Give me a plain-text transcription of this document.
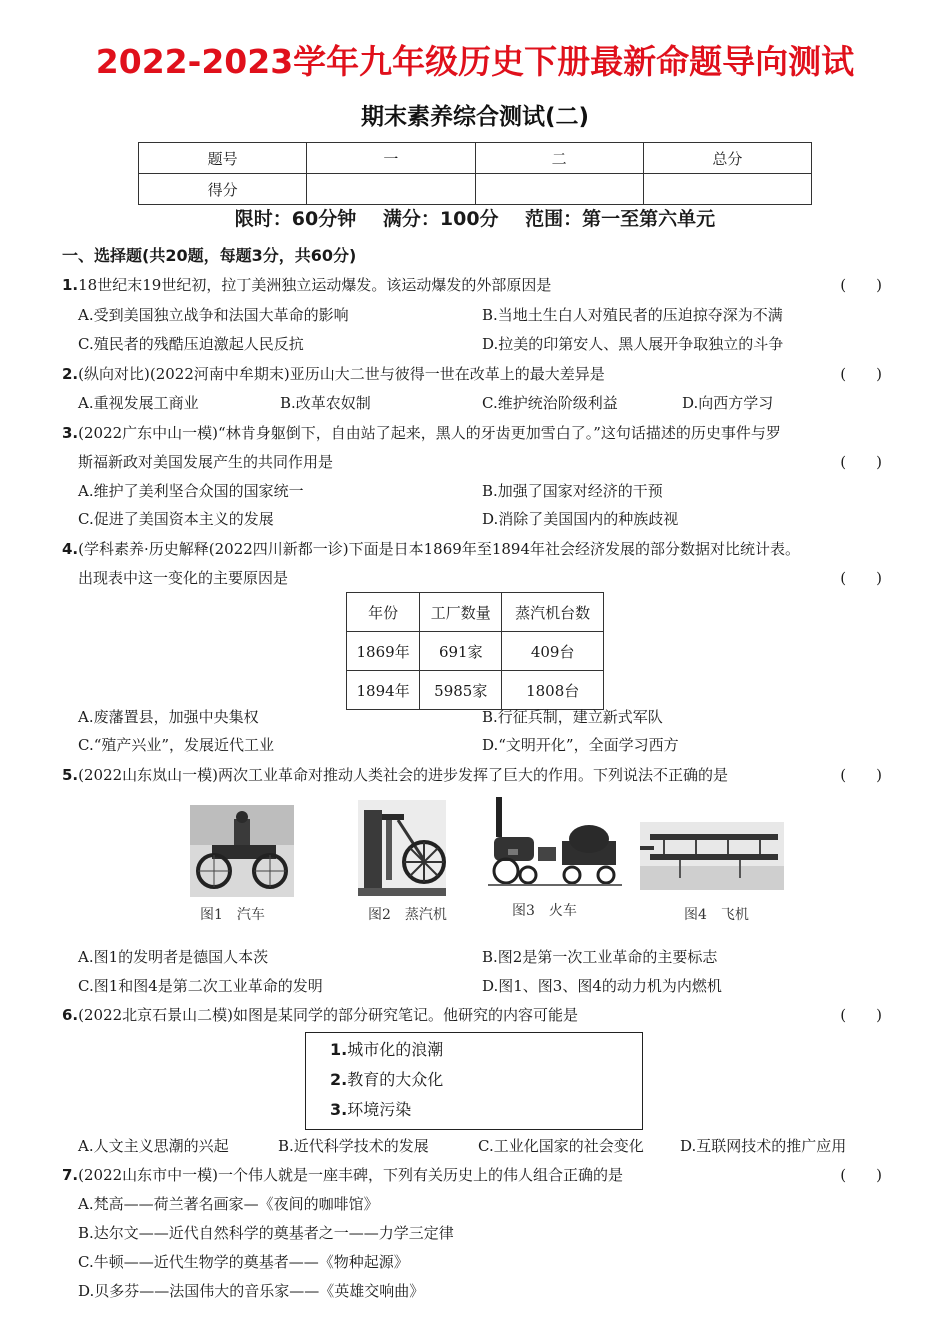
2022-2023学年九年级历史下册最新命题导向测试
期末素养综合测试(二)
题号	一	二	总分
得分			
限时：60分钟 满分：100分 范围：第一至第六单元
一、选择题(共20题，每题3分，共60分)
1.18世纪末19世纪初，拉丁美洲独立运动爆发。该运动爆发的外部原因是	(　　)
A.受到美国独立战争和法国大革命的影响	B.当地土生白人对殖民者的压迫掠夺深为不满
C.殖民者的残酷压迫激起人民反抗	D.拉美的印第安人、黑人展开争取独立的斗争
2.(纵向对比)(2022河南中牟期末)亚历山大二世与彼得一世在改革上的最大差异是	(　　)
A.重视发展工商业	B.改革农奴制	C.维护统治阶级利益	D.向西方学习
3.(2022广东中山一模)“林肯身躯倒下，自由站了起来，黑人的牙齿更加雪白了。”这句话描述的历史事件与罗
斯福新政对美国发展产生的共同作用是	(　　)
A.维护了美利坚合众国的国家统一	B.加强了国家对经济的干预
C.促进了美国资本主义的发展	D.消除了美国国内的种族歧视
4.(学科素养·历史解释(2022四川新都一诊)下面是日本1869年至1894年社会经济发展的部分数据对比统计表。
出现表中这一变化的主要原因是	(　　)
年份	工厂数量	蒸汽机台数
1869年	691家	409台
1894年	5985家	1808台
A.废藩置县，加强中央集权	B.行征兵制，建立新式军队
C.“殖产兴业”，发展近代工业	D.“文明开化”，全面学习西方
5.(2022山东岚山一模)两次工业革命对推动人类社会的进步发挥了巨大的作用。下列说法不正确的是	(　　)
图1　汽车	图2　蒸汽机	图3　火车	图4　飞机
A.图1的发明者是德国人本茨	B.图2是第一次工业革命的主要标志
C.图1和图4是第二次工业革命的发明	D.图1、图3、图4的动力机为内燃机
6.(2022北京石景山二模)如图是某同学的部分研究笔记。他研究的内容可能是	(　　)
1.城市化的浪潮
2.教育的大众化
3.环境污染
A.人文主义思潮的兴起	B.近代科学技术的发展	C.工业化国家的社会变化 D.互联网技术的推广应用
7.(2022山东市中一模)一个伟人就是一座丰碑，下列有关历史上的伟人组合正确的是	(　　)
A.梵高——荷兰著名画家—《夜间的咖啡馆》
B.达尔文——近代自然科学的奠基者之一——力学三定律
C.牛顿——近代生物学的奠基者——《物种起源》
D.贝多芬——法国伟大的音乐家——《英雄交响曲》
